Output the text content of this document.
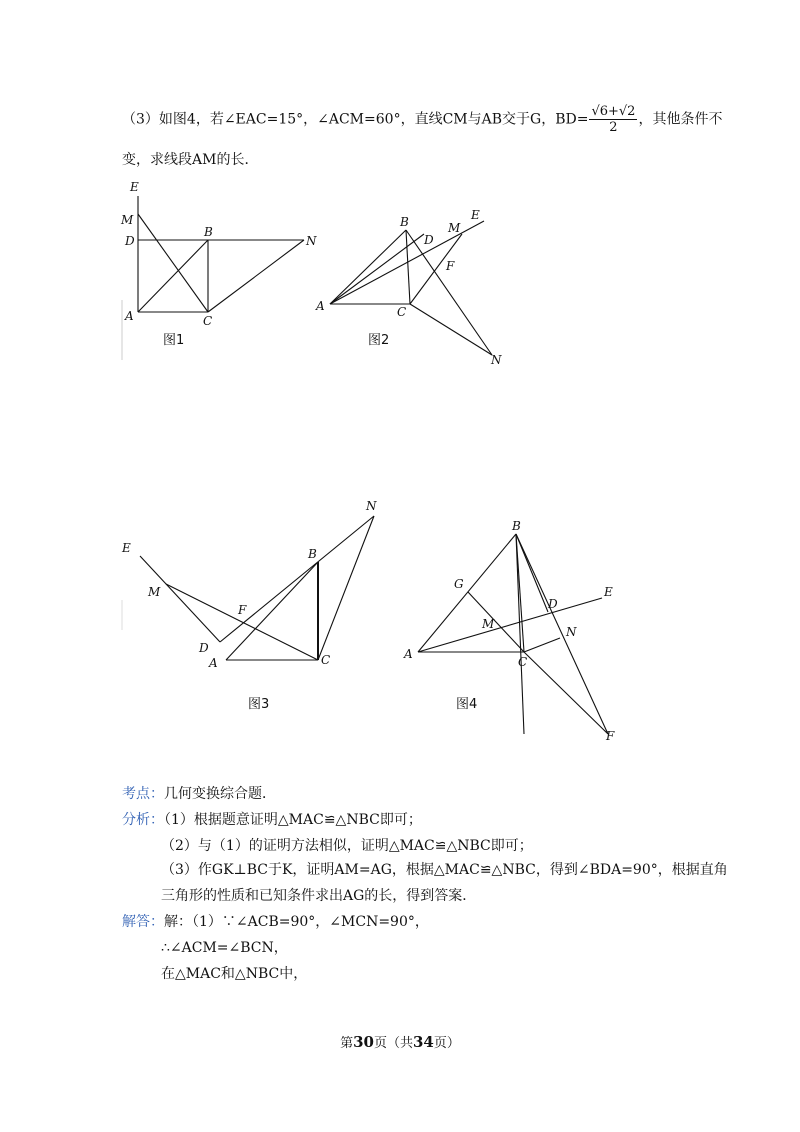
（3）如图4，若∠EAC=15°，∠ACM=60°，直线CM与AB交于G，$BD= \frac{√6+√2}{2}$ ，其他条件不
变，求线段AM的长．
E
M
D
B
N
A	C
图1
B
D
M
E
F
A	C
N
图2
E
M
F
D
A
B
C
N
图3
B
G
D
E
M
N
A
C
F
图4
考点：几何变换综合题．
分析：（1）根据题意证明△MAC≌△NBC即可；
（2）与（1）的证明方法相似，证明△MAC≌△NBC即可；
（3）作GK⊥BC于K，证明AM=AG，根据△MAC≌△NBC，得到∠BDA=90°，根据直角
三角形的性质和已知条件求出AG的长，得到答案．
解答：解：（1）∵∠ACB=90°，∠MCN=90°，
∴∠ACM=∠BCN，
在△MAC和△NBC中，
第30页（共34页）
